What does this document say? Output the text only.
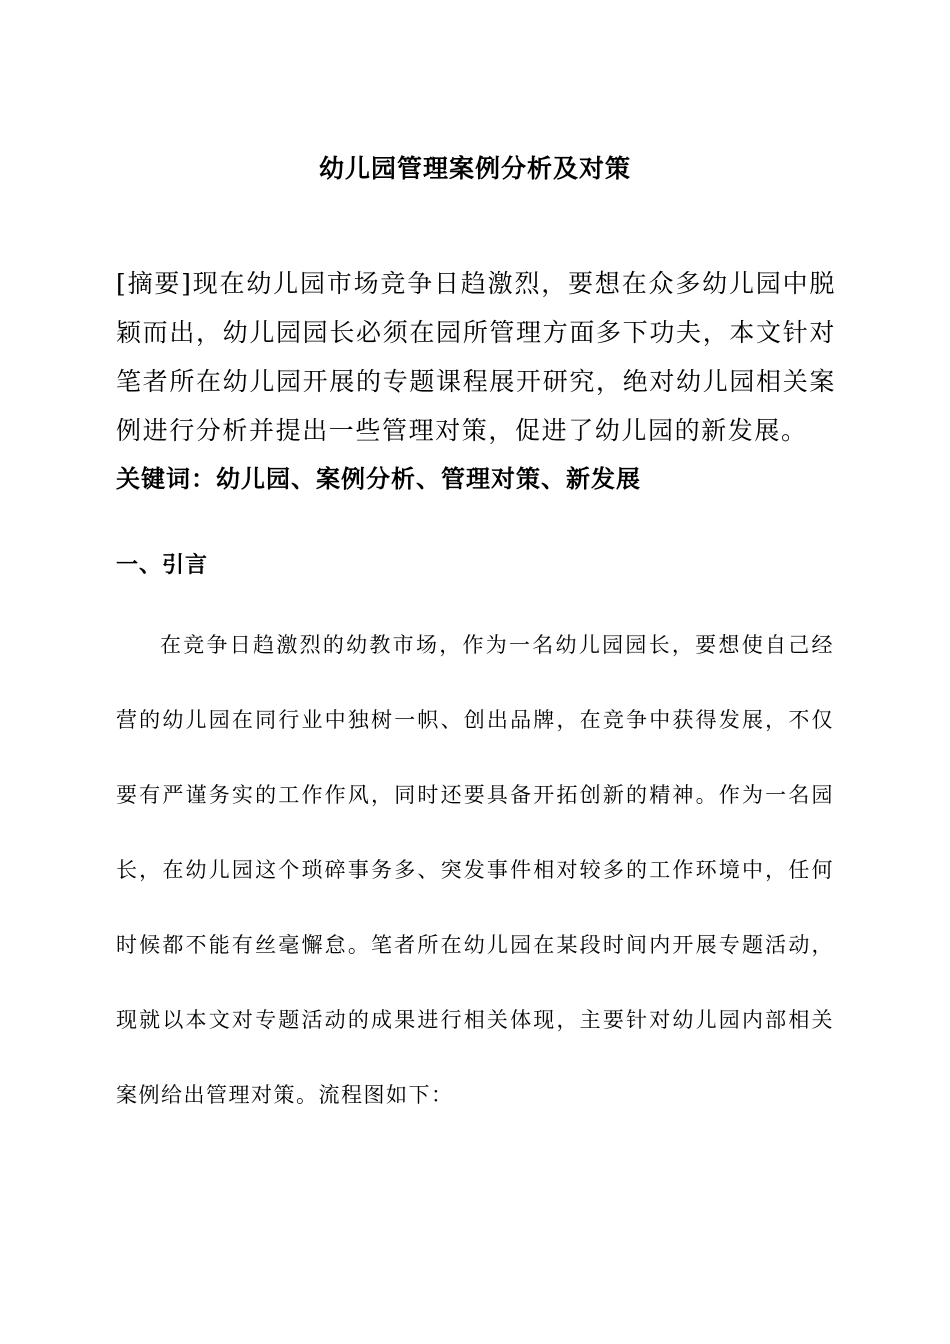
幼儿园管理案例分析及对策

[摘要]现在幼儿园市场竞争日趋激烈，要想在众多幼儿园中脱颖而出，幼儿园园长必须在园所管理方面多下功夫，本文针对笔者所在幼儿园开展的专题课程展开研究，绝对幼儿园相关案例进行分析并提出一些管理对策，促进了幼儿园的新发展。

关键词：幼儿园、案例分析、管理对策、新发展

一、引言

在竞争日趋激烈的幼教市场，作为一名幼儿园园长，要想使自己经营的幼儿园在同行业中独树一帜、创出品牌，在竞争中获得发展，不仅要有严谨务实的工作作风，同时还要具备开拓创新的精神。作为一名园长，在幼儿园这个琐碎事务多、突发事件相对较多的工作环境中，任何时候都不能有丝毫懈怠。笔者所在幼儿园在某段时间内开展专题活动，现就以本文对专题活动的成果进行相关体现，主要针对幼儿园内部相关案例给出管理对策。流程图如下：
